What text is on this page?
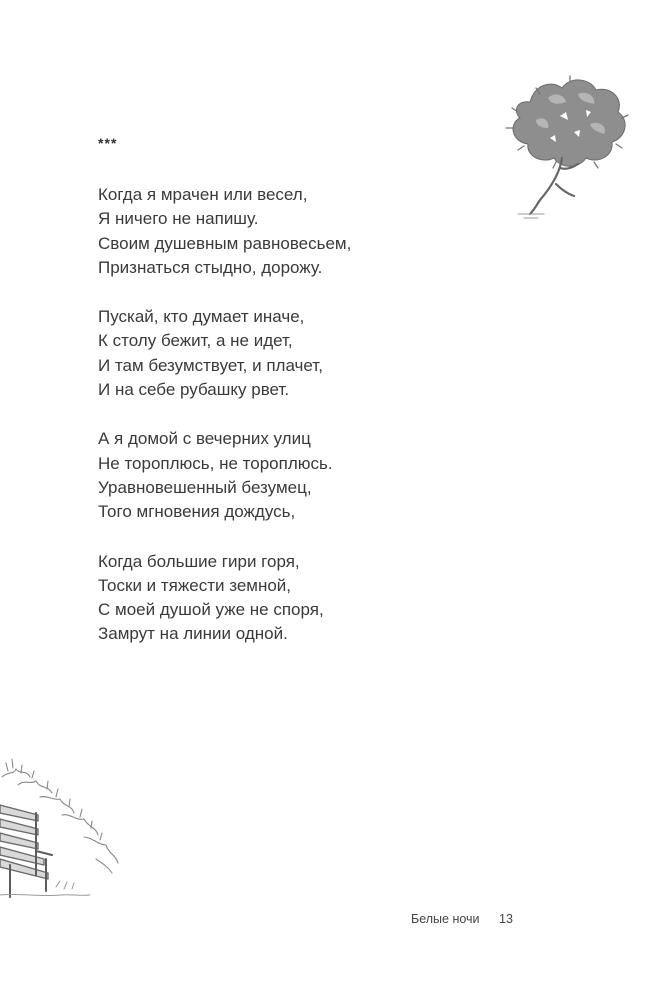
***
Когда я мрачен или весел,
Я ничего не напишу.
Своим душевным равновесьем,
Признаться стыдно, дорожу.
Пускай, кто думает иначе,
К столу бежит, а не идет,
И там безумствует, и плачет,
И на себе рубашку рвет.
А я домой с вечерних улиц
Не тороплюсь, не тороплюсь.
Уравновешенный безумец,
Того мгновения дождусь,
Когда большие гири горя,
Тоски и тяжести земной,
С моей душой уже не споря,
Замрут на линии одной.
Белые ночи 13
